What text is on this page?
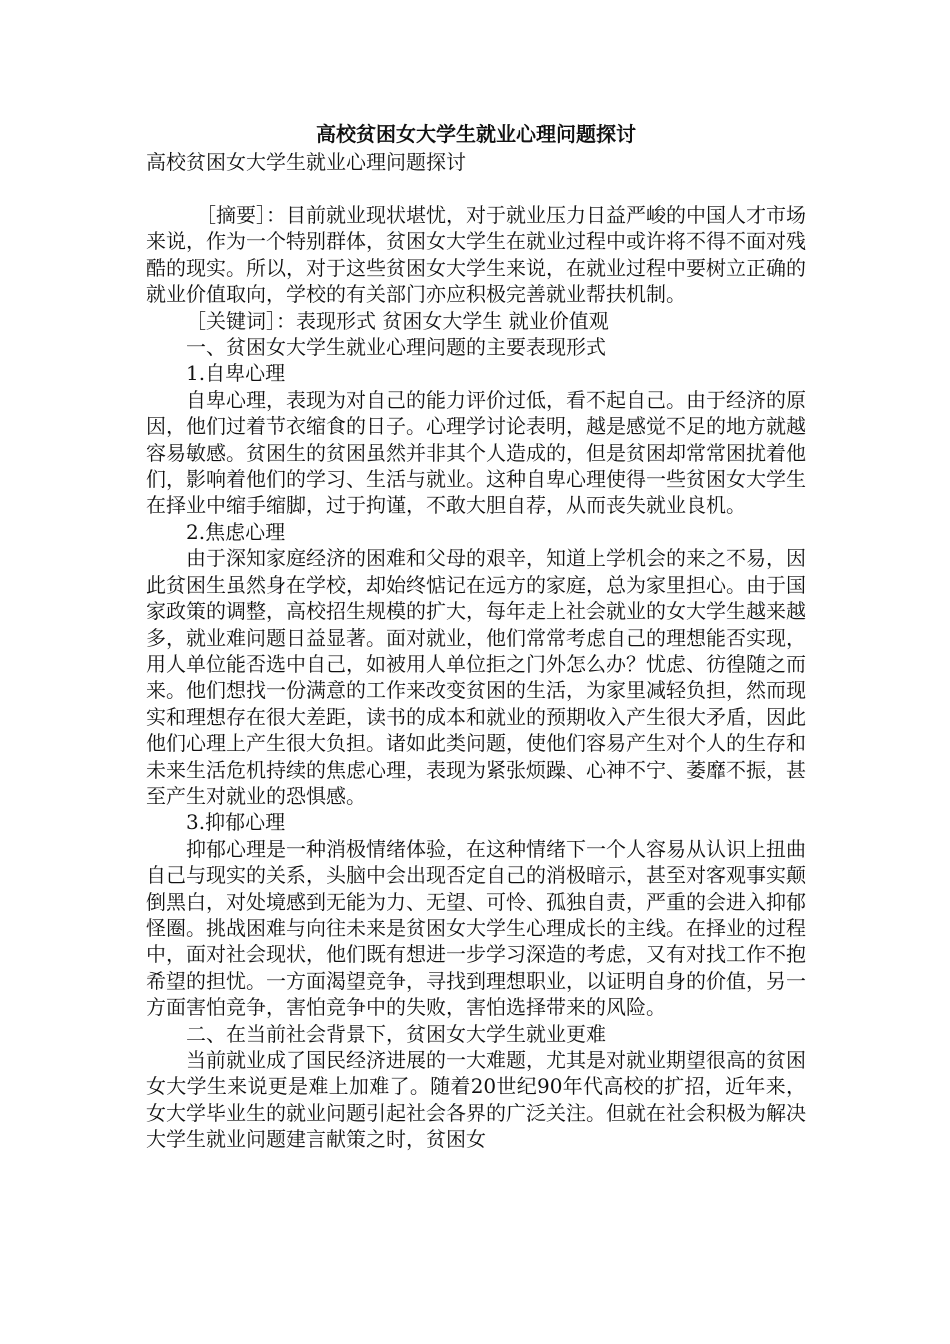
高校贫困女大学生就业心理问题探讨

高校贫困女大学生就业心理问题探讨

［摘要］：目前就业现状堪忧，对于就业压力日益严峻的中国人才市场来说，作为一个特别群体，贫困女大学生在就业过程中或许将不得不面对残酷的现实。所以，对于这些贫困女大学生来说，在就业过程中要树立正确的就业价值取向，学校的有关部门亦应积极完善就业帮扶机制。

［关键词］：表现形式 贫困女大学生 就业价值观

一、贫困女大学生就业心理问题的主要表现形式

1.自卑心理

自卑心理，表现为对自己的能力评价过低，看不起自己。由于经济的原因，他们过着节衣缩食的日子。心理学讨论表明，越是感觉不足的地方就越容易敏感。贫困生的贫困虽然并非其个人造成的，但是贫困却常常困扰着他们，影响着他们的学习、生活与就业。这种自卑心理使得一些贫困女大学生在择业中缩手缩脚，过于拘谨，不敢大胆自荐，从而丧失就业良机。

2.焦虑心理

由于深知家庭经济的困难和父母的艰辛，知道上学机会的来之不易，因此贫困生虽然身在学校，却始终惦记在远方的家庭，总为家里担心。由于国家政策的调整，高校招生规模的扩大，每年走上社会就业的女大学生越来越多，就业难问题日益显著。面对就业，他们常常考虑自己的理想能否实现，用人单位能否选中自己，如被用人单位拒之门外怎么办？忧虑、彷徨随之而来。他们想找一份满意的工作来改变贫困的生活，为家里减轻负担，然而现实和理想存在很大差距，读书的成本和就业的预期收入产生很大矛盾，因此他们心理上产生很大负担。诸如此类问题，使他们容易产生对个人的生存和未来生活危机持续的焦虑心理，表现为紧张烦躁、心神不宁、萎靡不振，甚至产生对就业的恐惧感。

3.抑郁心理

抑郁心理是一种消极情绪体验，在这种情绪下一个人容易从认识上扭曲自己与现实的关系，头脑中会出现否定自己的消极暗示，甚至对客观事实颠倒黑白，对处境感到无能为力、无望、可怜、孤独自责，严重的会进入抑郁怪圈。挑战困难与向往未来是贫困女大学生心理成长的主线。在择业的过程中，面对社会现状，他们既有想进一步学习深造的考虑，又有对找工作不抱希望的担忧。一方面渴望竞争，寻找到理想职业，以证明自身的价值，另一方面害怕竞争，害怕竞争中的失败，害怕选择带来的风险。

二、在当前社会背景下，贫困女大学生就业更难

当前就业成了国民经济进展的一大难题，尤其是对就业期望很高的贫困女大学生来说更是难上加难了。随着20世纪90年代高校的扩招，近年来，女大学毕业生的就业问题引起社会各界的广泛关注。但就在社会积极为解决大学生就业问题建言献策之时，贫困女
